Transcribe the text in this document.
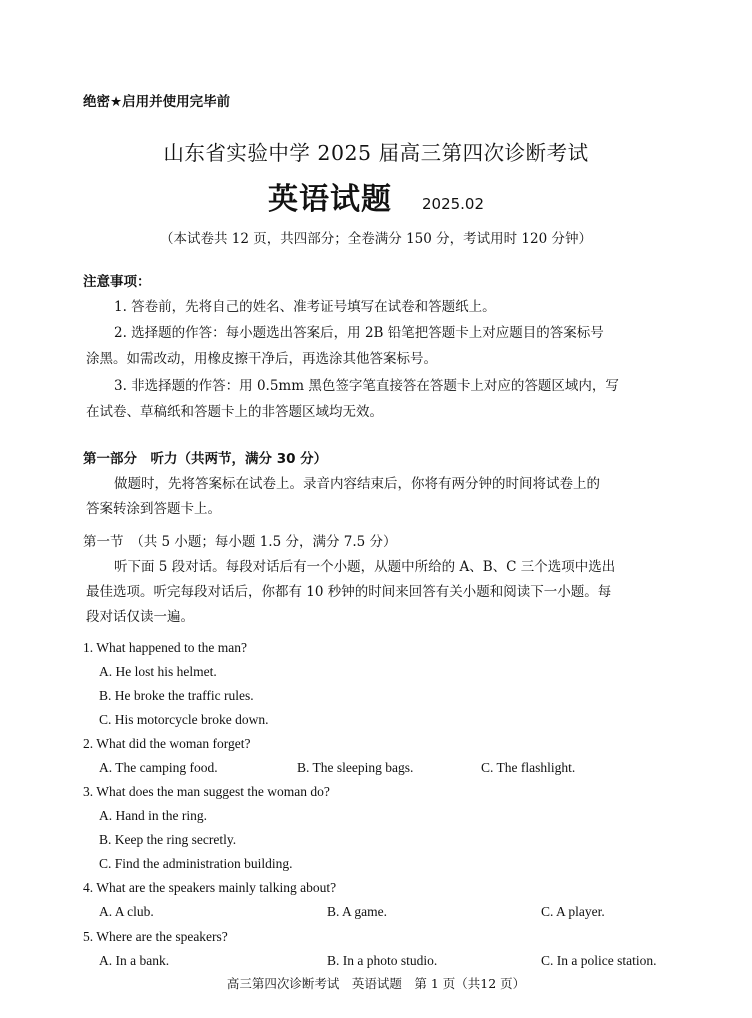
绝密★启用并使用完毕前
山东省实验中学 2025 届高三第四次诊断考试
英语试题 2025.02
（本试卷共 12 页，共四部分；全卷满分 150 分，考试用时 120 分钟）
注意事项：
1. 答卷前，先将自己的姓名、准考证号填写在试卷和答题纸上。
2. 选择题的作答：每小题选出答案后，用 2B 铅笔把答题卡上对应题目的答案标号
涂黑。如需改动，用橡皮擦干净后，再选涂其他答案标号。
3. 非选择题的作答：用 0.5mm 黑色签字笔直接答在答题卡上对应的答题区域内，写
在试卷、草稿纸和答题卡上的非答题区域均无效。
第一部分　听力（共两节，满分 30 分）
做题时，先将答案标在试卷上。录音内容结束后，你将有两分钟的时间将试卷上的
答案转涂到答题卡上。
第一节　（共 5 小题；每小题 1.5 分，满分 7.5 分）
听下面 5 段对话。每段对话后有一个小题，从题中所给的 A、B、C 三个选项中选出
最佳选项。听完每段对话后，你都有 10 秒钟的时间来回答有关小题和阅读下一小题。每
段对话仅读一遍。
1. What happened to the man?
A. He lost his helmet.
B. He broke the traffic rules.
C. His motorcycle broke down.
2. What did the woman forget?
A. The camping food.	B. The sleeping bags.	C. The flashlight.
3. What does the man suggest the woman do?
A. Hand in the ring.
B. Keep the ring secretly.
C. Find the administration building.
4. What are the speakers mainly talking about?
A. A club.	B. A game.	C. A player.
5. Where are the speakers?
A. In a bank.	B. In a photo studio.	C. In a police station.
高三第四次诊断考试　英语试题　第 1 页（共12 页）
